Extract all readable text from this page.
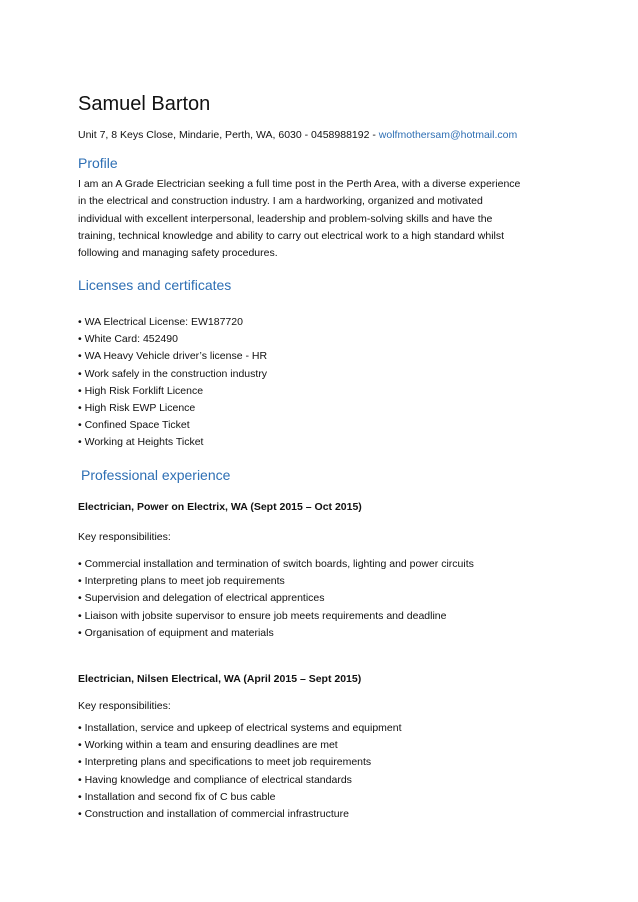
Samuel Barton
Unit 7, 8 Keys Close, Mindarie, Perth, WA, 6030 - 0458988192 - wolfmothersam@hotmail.com
Profile

I am an A Grade Electrician seeking a full time post in the Perth Area, with a diverse experience

in the electrical and construction industry. I am a hardworking, organized and motivated

individual with excellent interpersonal, leadership and problem-solving skills and have the

training, technical knowledge and ability to carry out electrical work to a high standard whilst

following and managing safety procedures.

Licenses and certificates
• WA Electrical License: EW187720
• White Card: 452490
• WA Heavy Vehicle driver’s license - HR
• Work safely in the construction industry
• High Risk Forklift Licence
• High Risk EWP Licence
• Confined Space Ticket
• Working at Heights Ticket
Professional experience

Electrician, Power on Electrix, WA (Sept 2015 – Oct 2015)

Key responsibilities:

• Commercial installation and termination of switch boards, lighting and power circuits
• Interpreting plans to meet job requirements
• Supervision and delegation of electrical apprentices
• Liaison with jobsite supervisor to ensure job meets requirements and deadline
• Organisation of equipment and materials

Electrician, Nilsen Electrical, WA (April 2015 – Sept 2015)

Key responsibilities:

• Installation, service and upkeep of electrical systems and equipment
• Working within a team and ensuring deadlines are met
• Interpreting plans and specifications to meet job requirements
• Having knowledge and compliance of electrical standards
• Installation and second fix of C bus cable
• Construction and installation of commercial infrastructure
